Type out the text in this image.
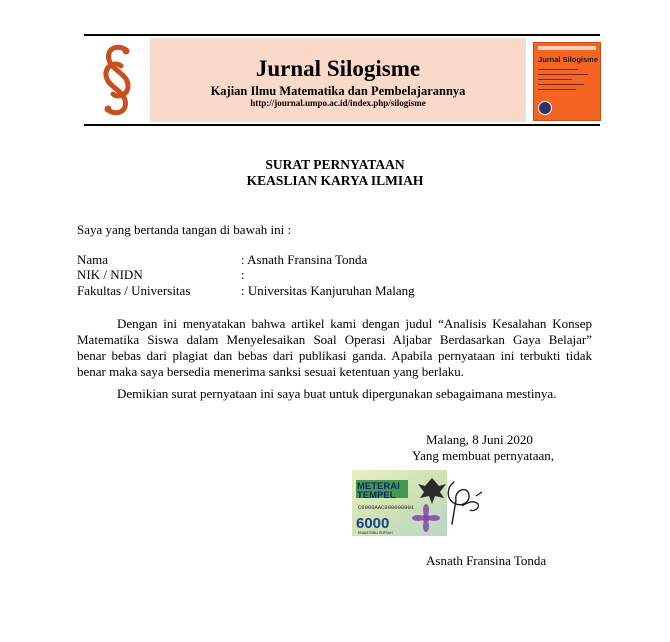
Jurnal Silogisme
Kajian Ilmu Matematika dan Pembelajarannya
http://journal.umpo.ac.id/index.php/silogisme
Jurnal Silogisme
SURAT PERNYATAAN
KEASLIAN KARYA ILMIAH
Saya yang bertanda tangan di bawah ini :
Nama	: Asnath Fransina Tonda
NIK / NIDN	:
Fakultas / Universitas	: Universitas Kanjuruhan Malang
Dengan ini menyatakan bahwa artikel kami dengan judul “Analisis Kesalahan Konsep
Matematika Siswa dalam Menyelesaikan Soal Operasi Aljabar Berdasarkan Gaya Belajar”
benar bebas dari plagiat dan bebas dari publikasi ganda. Apabila pernyataan ini terbukti tidak
benar maka saya bersedia menerima sanksi sesuai ketentuan yang berlaku.
Demikian surat pernyataan ini saya buat untuk dipergunakan sebagaimana mestinya.
Malang, 8 Juni 2020
Yang membuat pernyataan,
METERAI
TEMPEL
C0000AAC000000001
6000
ENAM RIBU RUPIAH
Asnath Fransina Tonda
